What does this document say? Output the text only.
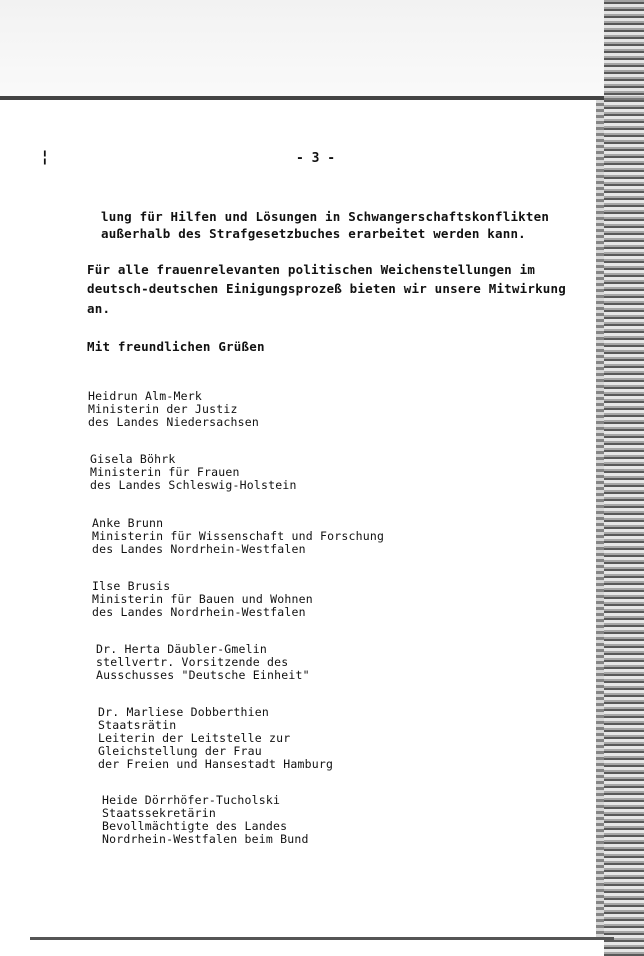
¦	- 3 -
lung für Hilfen und Lösungen in Schwangerschaftskonflikten
außerhalb des Strafgesetzbuches erarbeitet werden kann.
Für alle frauenrelevanten politischen Weichenstellungen im
deutsch-deutschen Einigungsprozeß bieten wir unsere Mitwirkung
an.
Mit freundlichen Grüßen
Heidrun Alm-Merk
Ministerin der Justiz
des Landes Niedersachsen
Gisela Böhrk
Ministerin für Frauen
des Landes Schleswig-Holstein
Anke Brunn
Ministerin für Wissenschaft und Forschung
des Landes Nordrhein-Westfalen
Ilse Brusis
Ministerin für Bauen und Wohnen
des Landes Nordrhein-Westfalen
Dr. Herta Däubler-Gmelin
stellvertr. Vorsitzende des
Ausschusses "Deutsche Einheit"
Dr. Marliese Dobberthien
Staatsrätin
Leiterin der Leitstelle zur
Gleichstellung der Frau
der Freien und Hansestadt Hamburg
Heide Dörrhöfer-Tucholski
Staatssekretärin
Bevollmächtigte des Landes
Nordrhein-Westfalen beim Bund
